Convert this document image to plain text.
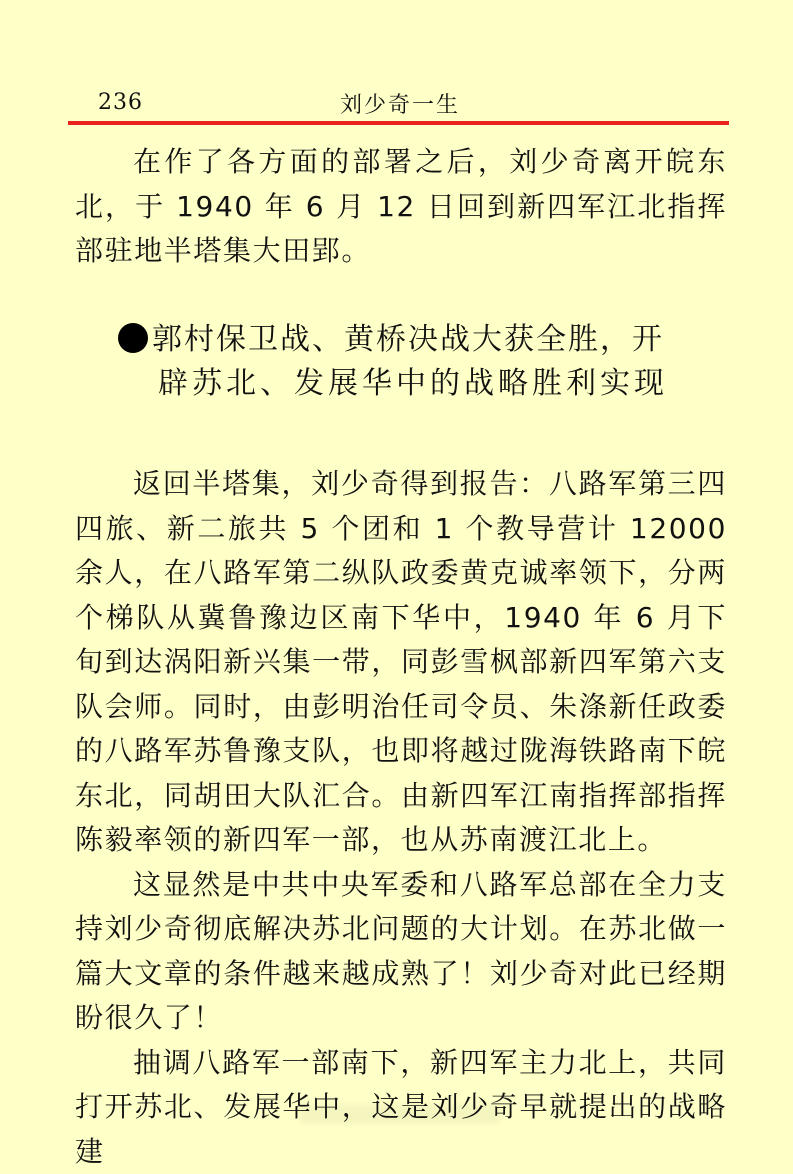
236	刘少奇一生

在作了各方面的部署之后，刘少奇离开皖东北，于 1940 年 6 月 12 日回到新四军江北指挥部驻地半塔集大田郢。

郭村保卫战、黄桥决战大获全胜，开
辟苏北、发展华中的战略胜利实现

返回半塔集，刘少奇得到报告：八路军第三四四旅、新二旅共 5 个团和 1 个教导营计 12000 余人，在八路军第二纵队政委黄克诚率领下，分两个梯队从冀鲁豫边区南下华中，1940 年 6 月下旬到达涡阳新兴集一带，同彭雪枫部新四军第六支队会师。同时，由彭明治任司令员、朱涤新任政委的八路军苏鲁豫支队，也即将越过陇海铁路南下皖东北，同胡田大队汇合。由新四军江南指挥部指挥陈毅率领的新四军一部，也从苏南渡江北上。

这显然是中共中央军委和八路军总部在全力支持刘少奇彻底解决苏北问题的大计划。在苏北做一篇大文章的条件越来越成熟了！刘少奇对此已经期盼很久了！

抽调八路军一部南下，新四军主力北上，共同打开苏北、发展华中，这是刘少奇早就提出的战略建
